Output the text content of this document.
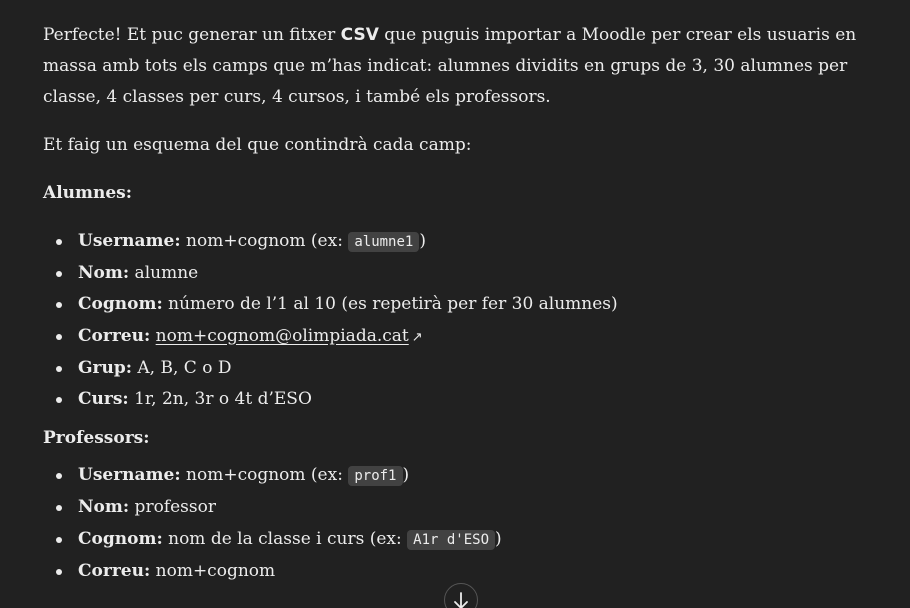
Perfecte! Et puc generar un fitxer CSV que puguis importar a Moodle per crear els usuaris en massa amb tots els camps que m’has indicat: alumnes dividits en grups de 3, 30 alumnes per classe, 4 classes per curs, 4 cursos, i també els professors.

Et faig un esquema del que contindrà cada camp:

Alumnes:

Username: nom+cognom (ex: alumne1 )
Nom: alumne
Cognom: número de l’1 al 10 (es repetirà per fer 30 alumnes)
Correu: nom+cognom@olimpiada.cat ↗
Grup: A, B, C o D
Curs: 1r, 2n, 3r o 4t d’ESO

Professors:

Username: nom+cognom (ex: prof1 )
Nom: professor
Cognom: nom de la classe i curs (ex: A1r d'ESO )
Correu: nom+cognom
